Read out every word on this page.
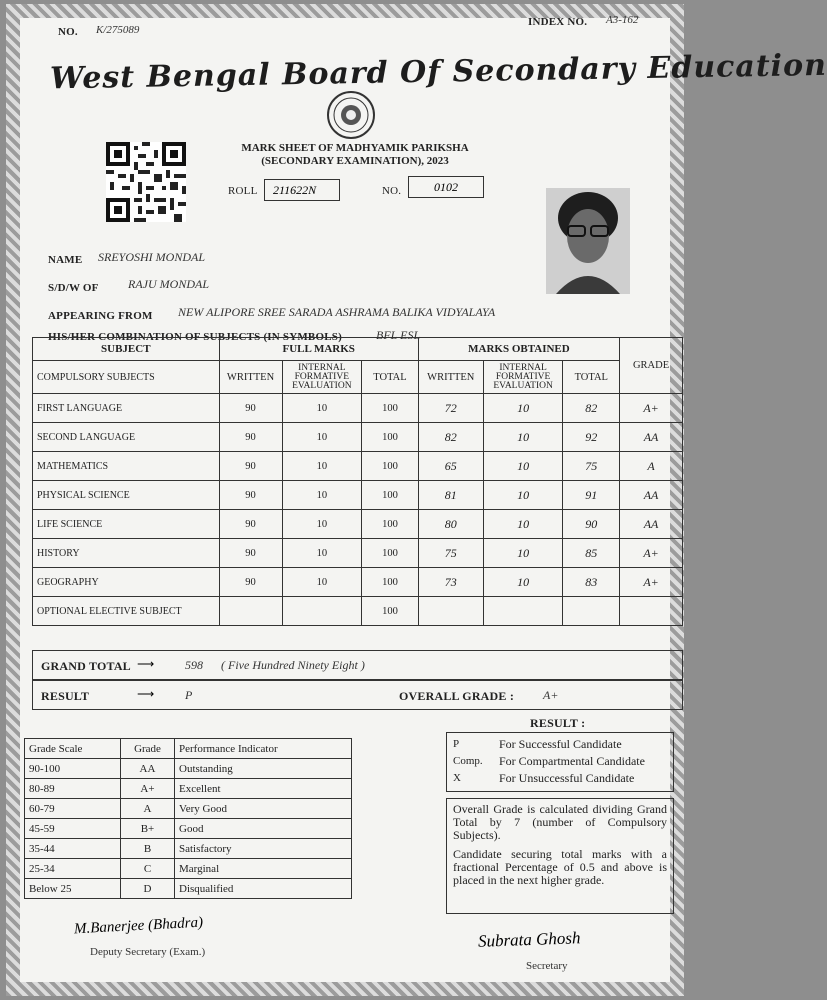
NO. K/275089
INDEX NO. A3-162
West Bengal Board Of Secondary Education
MARK SHEET OF MADHYAMIK PARIKSHA
(SECONDARY EXAMINATION), 2023
ROLL	211622N	NO.	0102
NAME SREYOSHI MONDAL
S/D/W OF RAJU MONDAL
APPEARING FROM NEW ALIPORE SREE SARADA ASHRAMA BALIKA VIDYALAYA
HIS/HER COMBINATION OF SUBJECTS (IN SYMBOLS)	BFL ESL
SUBJECT	FULL MARKS			MARKS OBTAINED			GRADE
COMPULSORY SUBJECTS	WRITTEN	INTERNAL FORMATIVE EVALUATION	TOTAL	WRITTEN	INTERNAL FORMATIVE EVALUATION	TOTAL	
FIRST LANGUAGE	90	10	100	72	10	82	A+
SECOND LANGUAGE	90	10	100	82	10	92	AA
MATHEMATICS	90	10	100	65	10	75	A
PHYSICAL SCIENCE	90	10	100	81	10	91	AA
LIFE SCIENCE	90	10	100	80	10	90	AA
HISTORY	90	10	100	75	10	85	A+
GEOGRAPHY	90	10	100	73	10	83	A+
OPTIONAL ELECTIVE SUBJECT			100				
GRAND TOTAL ⟶	598 ( Five Hundred Ninety Eight )
RESULT	⟶	P	OVERALL GRADE : A+
Grade Scale	Grade	Performance Indicator
90-100	AA	Outstanding
80-89	A+	Excellent
60-79	A	Very Good
45-59	B+	Good
35-44	B	Satisfactory
25-34	C	Marginal
Below 25	D	Disqualified
RESULT :
P	For Successful Candidate
Comp.	For Compartmental Candidate
X	For Unsuccessful Candidate
Overall Grade is calculated dividing Grand Total by 7 (number of Compulsory Subjects).
Candidate securing total marks with a fractional Percentage of 0.5 and above is placed in the next higher grade.
M.Banerjee (Bhadra)
Deputy Secretary (Exam.)
Subrata Ghosh
Secretary
